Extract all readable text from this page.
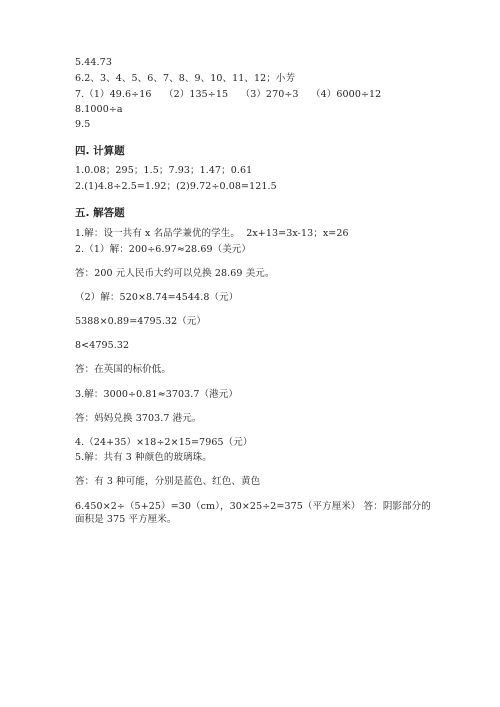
5.44.73

6.2、3、4、5、6、7、8、9、10、11、12；小芳

7.（1）49.6÷16    （2）135÷15    （3）270÷3    （4）6000÷12

8.1000÷a

9.5

四. 计算题

1.0.08；295；1.5；7.93；1.47；0.61

2.(1)4.8÷2.5=1.92；(2)9.72÷0.08=121.5

五. 解答题

1.解：设一共有 x 名品学兼优的学生。  2x+13=3x-13；x=26

2.（1）解：200÷6.97≈28.69（美元）

答：200 元人民币大约可以兑换 28.69 美元。

（2）解：520×8.74=4544.8（元）

5388×0.89=4795.32（元）

8<4795.32

答：在英国的标价低。

3.解：3000÷0.81≈3703.7（港元）

答：妈妈兑换 3703.7 港元。

4.（24+35）×18÷2×15=7965（元）

5.解：共有 3 种颜色的玻璃珠。

答：有 3 种可能，分别是蓝色、红色、黄色

6.450×2÷（5+25）=30（cm），30×25÷2=375（平方厘米） 答：阴影部分的面积是 375 平方厘米。
